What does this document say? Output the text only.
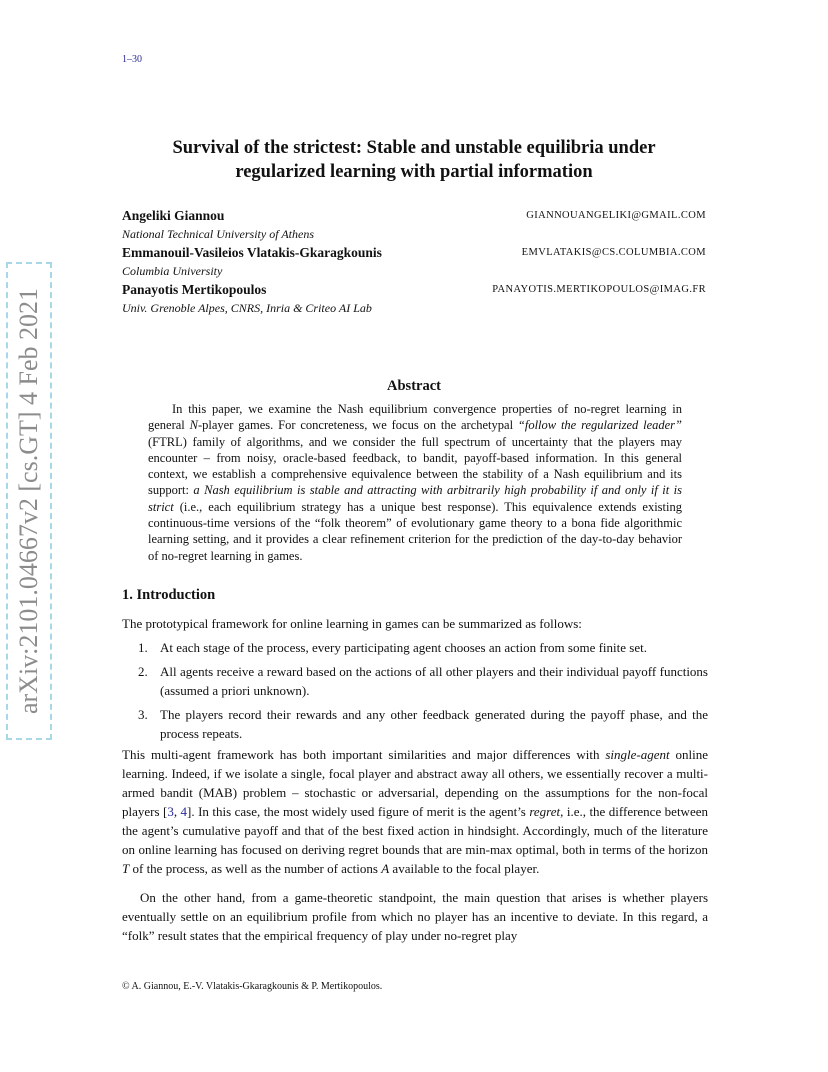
1–30
arXiv:2101.04667v2 [cs.GT] 4 Feb 2021
Survival of the strictest: Stable and unstable equilibria under
regularized learning with partial information
Angeliki Giannou	GIANNOUANGELIKI@GMAIL.COM
National Technical University of Athens
Emmanouil-Vasileios Vlatakis-Gkaragkounis	EMVLATAKIS@CS.COLUMBIA.COM
Columbia University
Panayotis Mertikopoulos	PANAYOTIS.MERTIKOPOULOS@IMAG.FR
Univ. Grenoble Alpes, CNRS, Inria & Criteo AI Lab
Abstract
In this paper, we examine the Nash equilibrium convergence properties of no-regret learning in general N-player games. For concreteness, we focus on the archetypal “follow the regularized leader” (FTRL) family of algorithms, and we consider the full spectrum of uncertainty that the players may encounter – from noisy, oracle-based feedback, to bandit, payoff-based information. In this general context, we establish a comprehensive equivalence between the stability of a Nash equilibrium and its support: a Nash equilibrium is stable and attracting with arbitrarily high probability if and only if it is strict (i.e., each equilibrium strategy has a unique best response). This equivalence extends existing continuous-time versions of the “folk theorem” of evolutionary game theory to a bona fide algorithmic learning setting, and it provides a clear refinement criterion for the prediction of the day-to-day behavior of no-regret learning in games.
1. Introduction
The prototypical framework for online learning in games can be summarized as follows:
1. At each stage of the process, every participating agent chooses an action from some finite set.
2. All agents receive a reward based on the actions of all other players and their individual payoff functions (assumed a priori unknown).
3. The players record their rewards and any other feedback generated during the payoff phase, and the process repeats.
This multi-agent framework has both important similarities and major differences with single-agent online learning. Indeed, if we isolate a single, focal player and abstract away all others, we essentially recover a multi-armed bandit (MAB) problem – stochastic or adversarial, depending on the assumptions for the non-focal players [3, 4]. In this case, the most widely used figure of merit is the agent’s regret, i.e., the difference between the agent’s cumulative payoff and that of the best fixed action in hindsight. Accordingly, much of the literature on online learning has focused on deriving regret bounds that are min-max optimal, both in terms of the horizon T of the process, as well as the number of actions A available to the focal player.
On the other hand, from a game-theoretic standpoint, the main question that arises is whether players eventually settle on an equilibrium profile from which no player has an incentive to deviate. In this regard, a “folk” result states that the empirical frequency of play under no-regret play
© A. Giannou, E.-V. Vlatakis-Gkaragkounis & P. Mertikopoulos.
